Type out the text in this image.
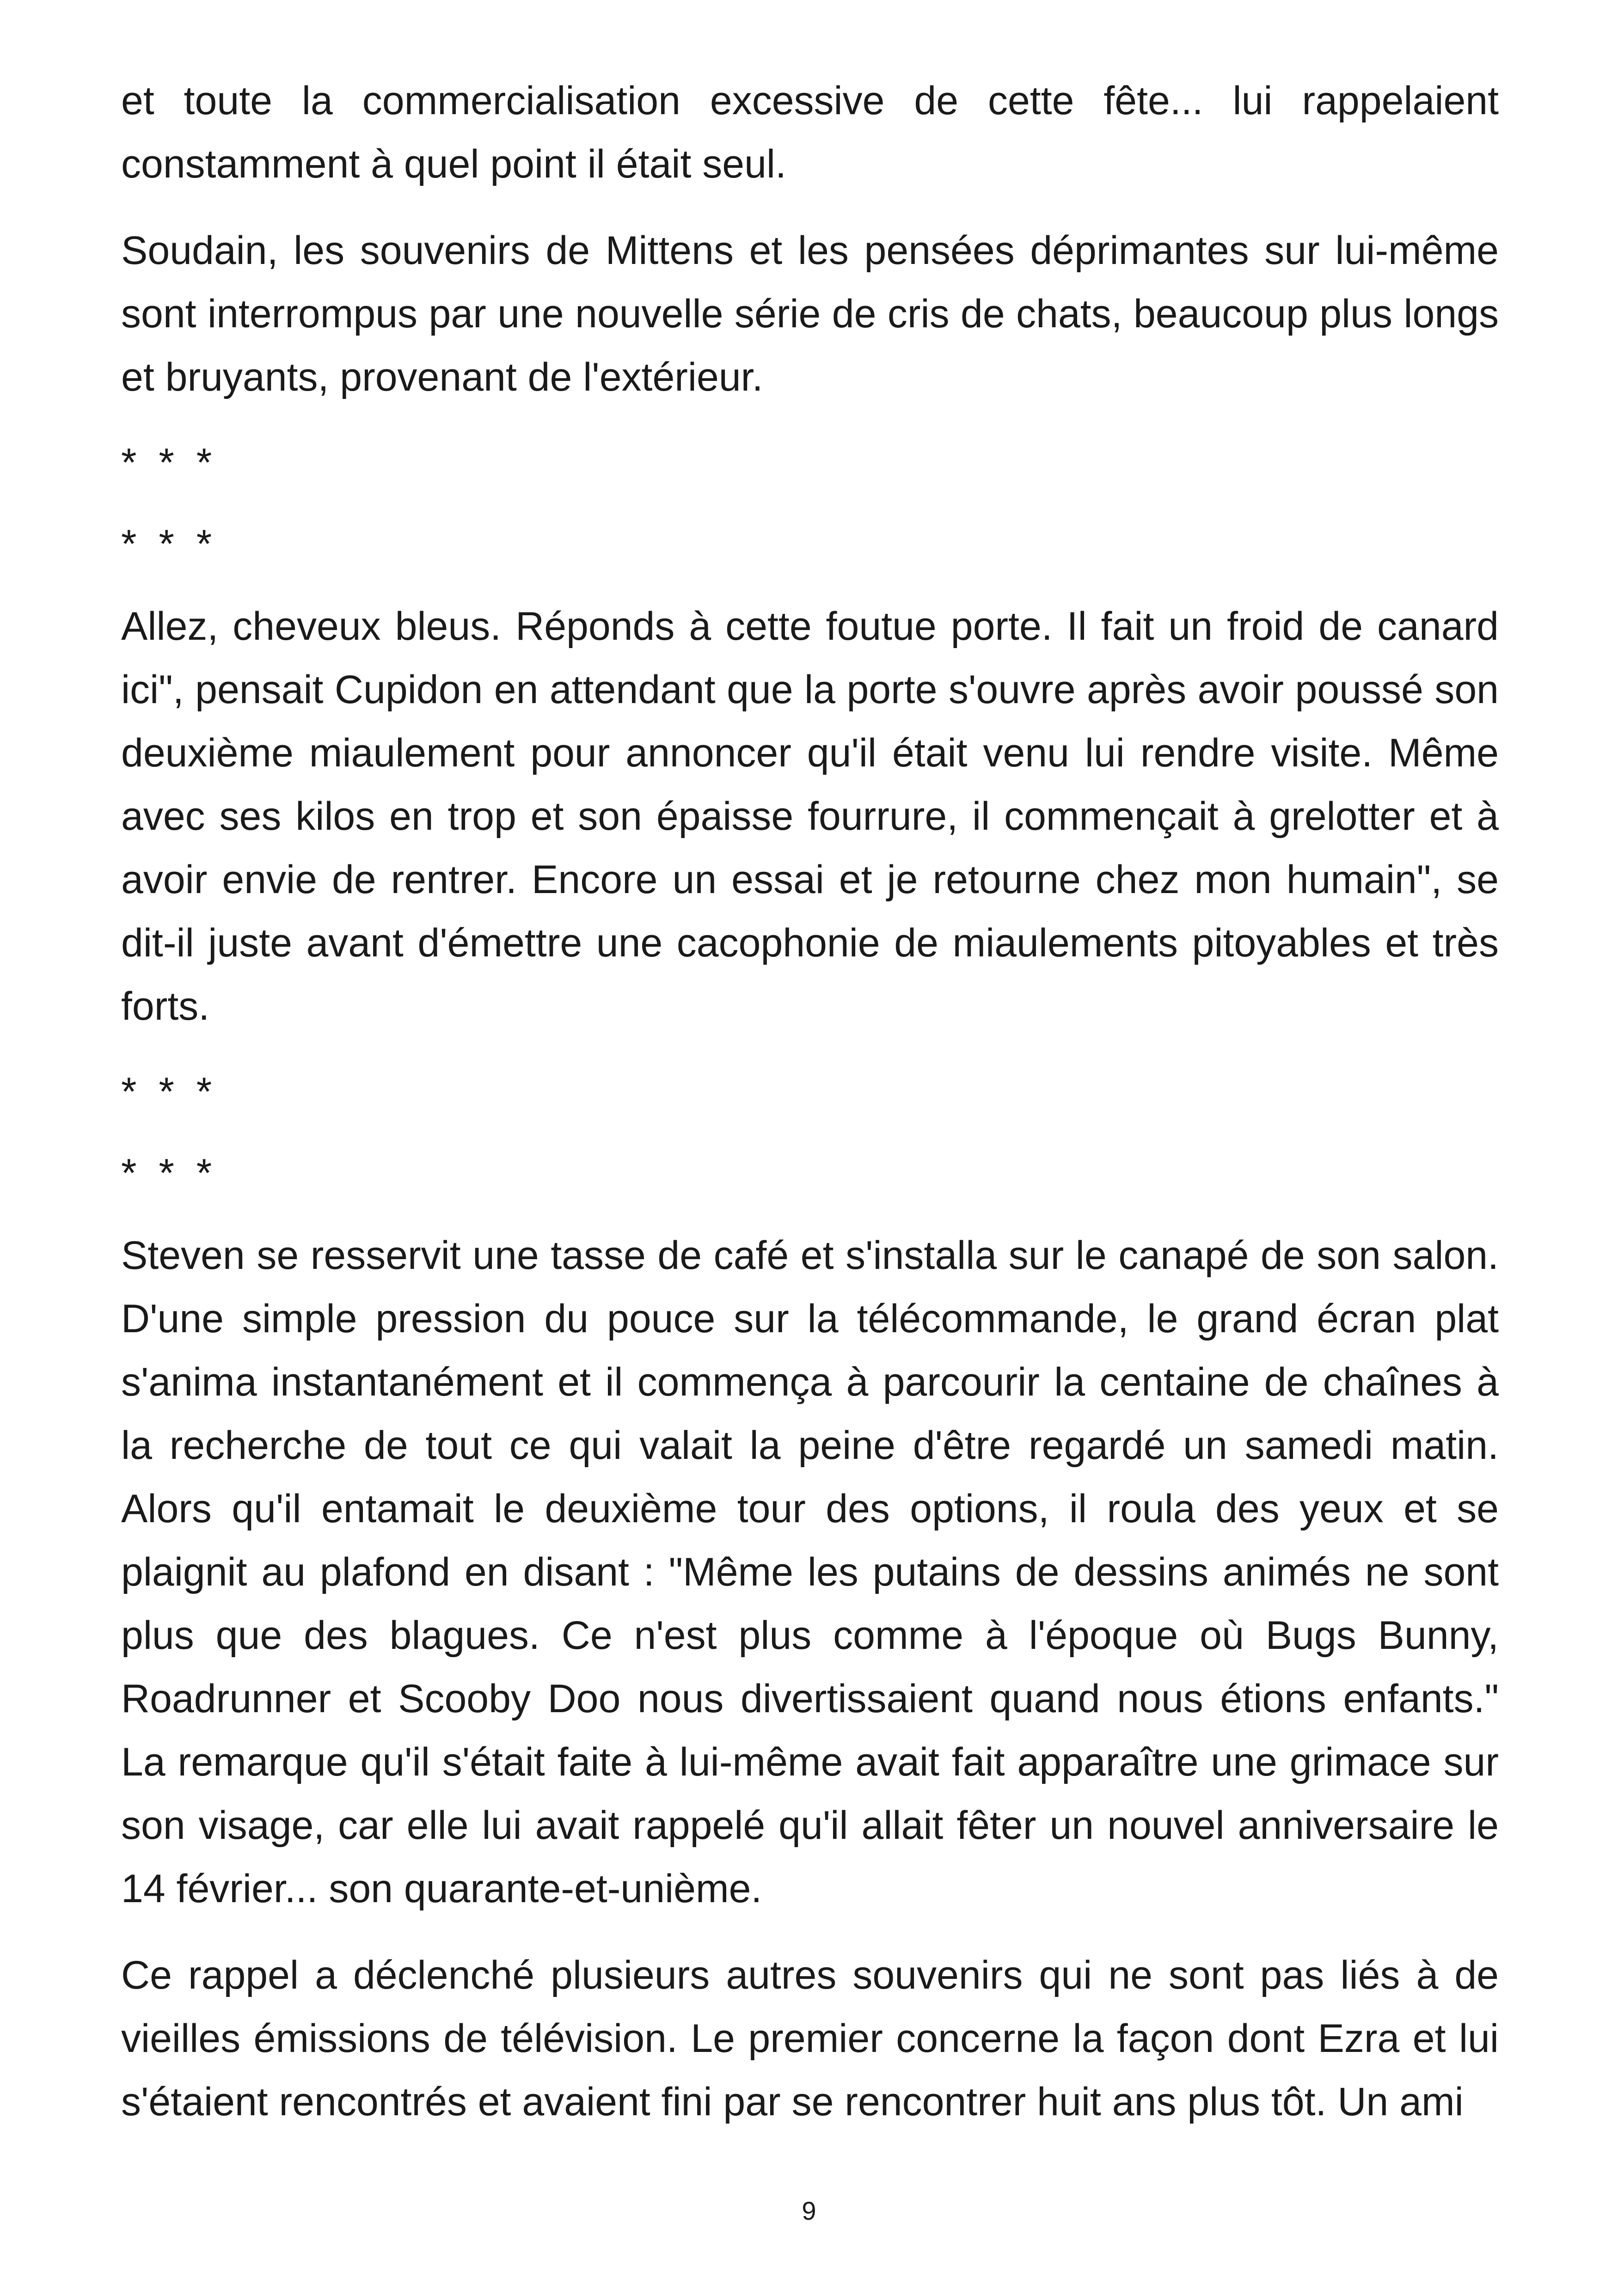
et toute la commercialisation excessive de cette fête... lui rappelaient constamment à quel point il était seul.

Soudain, les souvenirs de Mittens et les pensées déprimantes sur lui-même sont interrompus par une nouvelle série de cris de chats, beaucoup plus longs et bruyants, provenant de l'extérieur.

* * *

* * *

Allez, cheveux bleus. Réponds à cette foutue porte. Il fait un froid de canard ici", pensait Cupidon en attendant que la porte s'ouvre après avoir poussé son deuxième miaulement pour annoncer qu'il était venu lui rendre visite. Même avec ses kilos en trop et son épaisse fourrure, il commençait à grelotter et à avoir envie de rentrer. Encore un essai et je retourne chez mon humain", se dit-il juste avant d'émettre une cacophonie de miaulements pitoyables et très forts.

* * *

* * *

Steven se resservit une tasse de café et s'installa sur le canapé de son salon. D'une simple pression du pouce sur la télécommande, le grand écran plat s'anima instantanément et il commença à parcourir la centaine de chaînes à la recherche de tout ce qui valait la peine d'être regardé un samedi matin. Alors qu'il entamait le deuxième tour des options, il roula des yeux et se plaignit au plafond en disant : "Même les putains de dessins animés ne sont plus que des blagues. Ce n'est plus comme à l'époque où Bugs Bunny, Roadrunner et Scooby Doo nous divertissaient quand nous étions enfants." La remarque qu'il s'était faite à lui-même avait fait apparaître une grimace sur son visage, car elle lui avait rappelé qu'il allait fêter un nouvel anniversaire le 14 février... son quarante-et-unième.

Ce rappel a déclenché plusieurs autres souvenirs qui ne sont pas liés à de vieilles émissions de télévision. Le premier concerne la façon dont Ezra et lui s'étaient rencontrés et avaient fini par se rencontrer huit ans plus tôt. Un ami

9
